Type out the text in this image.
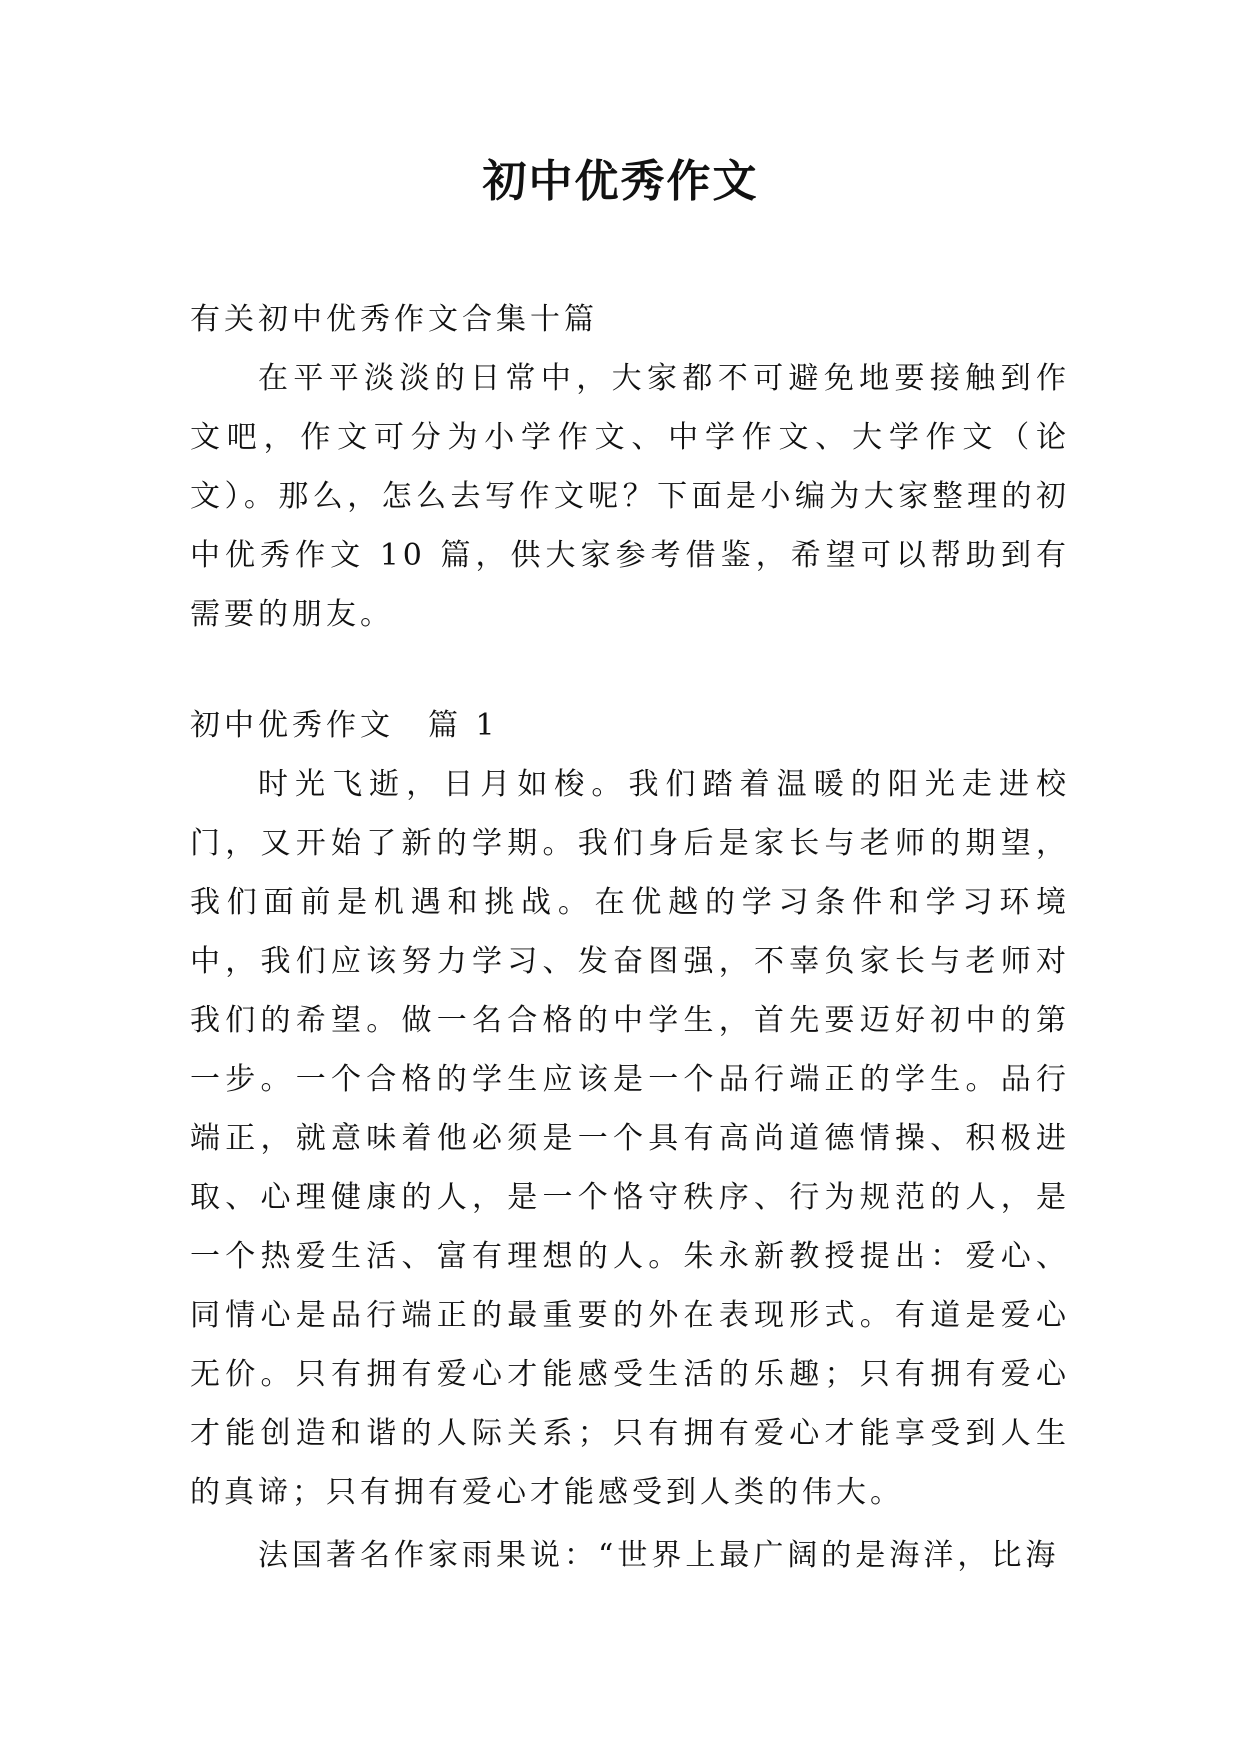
初中优秀作文

有关初中优秀作文合集十篇

在平平淡淡的日常中，大家都不可避免地要接触到作文吧，作文可分为小学作文、中学作文、大学作文（论文）。那么，怎么去写作文呢？下面是小编为大家整理的初中优秀作文 10 篇，供大家参考借鉴，希望可以帮助到有需要的朋友。

初中优秀作文　篇 1

时光飞逝，日月如梭。我们踏着温暖的阳光走进校门，又开始了新的学期。我们身后是家长与老师的期望，我们面前是机遇和挑战。在优越的学习条件和学习环境中，我们应该努力学习、发奋图强，不辜负家长与老师对我们的希望。做一名合格的中学生，首先要迈好初中的第一步。一个合格的学生应该是一个品行端正的学生。品行端正，就意味着他必须是一个具有高尚道德情操、积极进取、心理健康的人，是一个恪守秩序、行为规范的人，是一个热爱生活、富有理想的人。朱永新教授提出：爱心、同情心是品行端正的最重要的外在表现形式。有道是爱心无价。只有拥有爱心才能感受生活的乐趣；只有拥有爱心才能创造和谐的人际关系；只有拥有爱心才能享受到人生的真谛；只有拥有爱心才能感受到人类的伟大。

法国著名作家雨果说：“世界上最广阔的是海洋，比海
